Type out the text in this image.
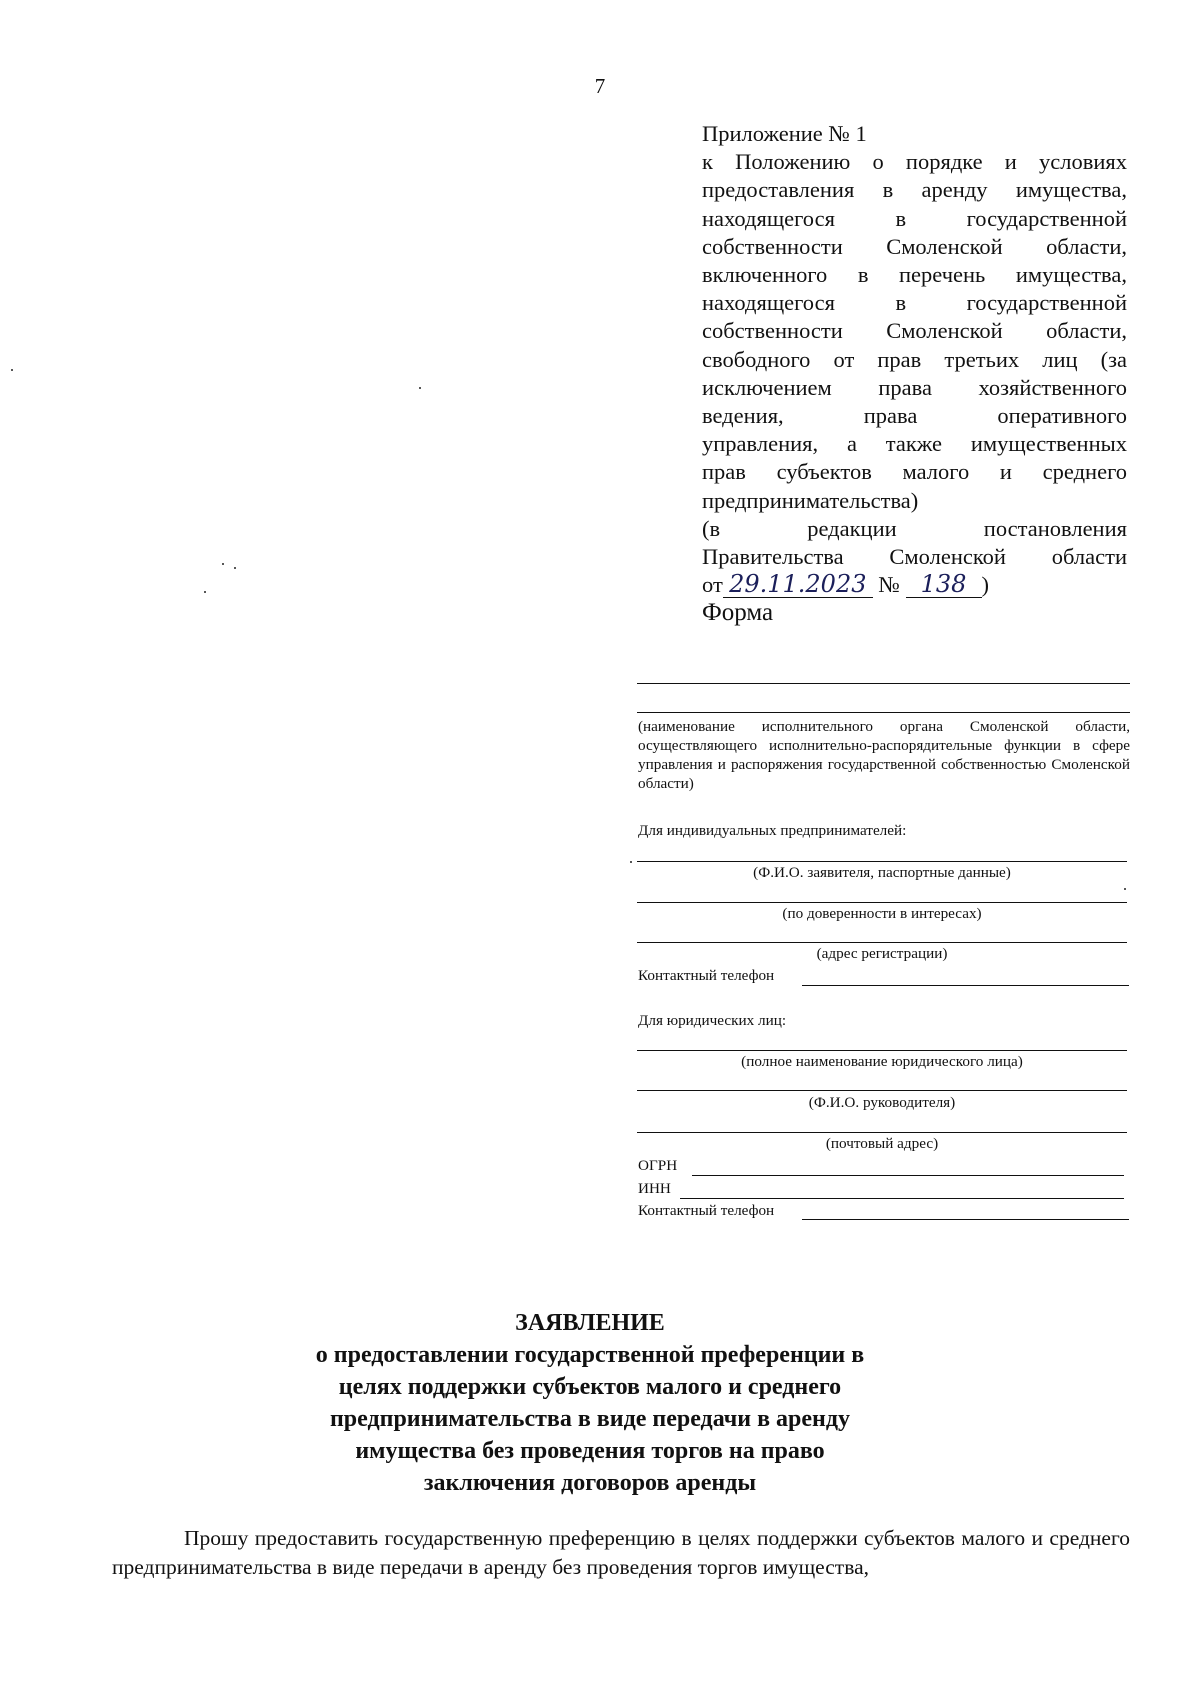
7
Приложение № 1
к Положению о порядке и условиях
предоставления в аренду имущества,
находящегося в государственной
собственности Смоленской области,
включенного в перечень имущества,
находящегося в государственной
собственности Смоленской области,
свободного от прав третьих лиц (за
исключением права хозяйственного
ведения, права оперативного
управления, а также имущественных
прав субъектов малого и среднего
предпринимательства)
(в редакции постановления
Правительства Смоленской области
от 29.11.2023 № 138 )
Форма
(наименование исполнительного органа Смоленской области, осуществляющего исполнительно-распорядительные функции в сфере управления и распоряжения государственной собственностью Смоленской области)
Для индивидуальных предпринимателей:
(Ф.И.О. заявителя, паспортные данные)
(по доверенности в интересах)
(адрес регистрации)
Контактный телефон
Для юридических лиц:
(полное наименование юридического лица)
(Ф.И.О. руководителя)
(почтовый адрес)
ОГРН
ИНН
Контактный телефон
ЗАЯВЛЕНИЕ
о предоставлении государственной преференции в
целях поддержки субъектов малого и среднего
предпринимательства в виде передачи в аренду
имущества без проведения торгов на право
заключения договоров аренды
Прошу предоставить государственную преференцию в целях поддержки субъектов малого и среднего предпринимательства в виде передачи в аренду без проведения торгов имущества,
